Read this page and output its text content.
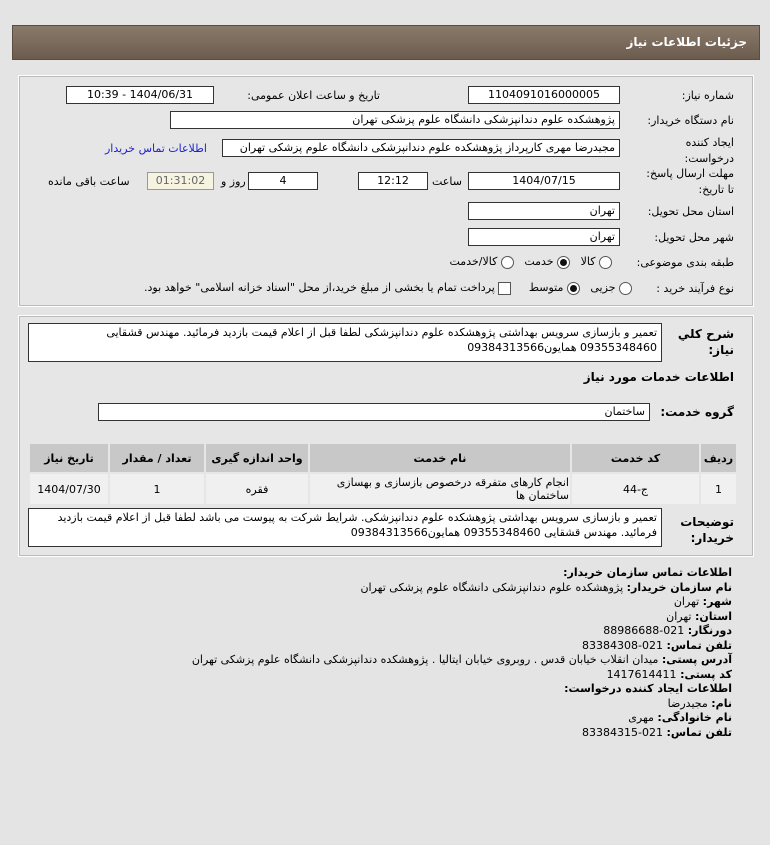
جزئیات اطلاعات نیاز
شماره نیاز:
1104091016000005
تاریخ و ساعت اعلان عمومی:
1404/06/31 - 10:39
نام دستگاه خریدار:
پژوهشکده علوم دندانپزشکی دانشگاه علوم پزشکی تهران
ایجاد کننده
درخواست:
مجیدرضا مهری کارپرداز پژوهشکده علوم دندانپزشکی دانشگاه علوم پزشکی تهران
اطلاعات تماس خریدار
مهلت ارسال پاسخ:
تا تاریخ:
1404/07/15
ساعت
12:12
4
روز و
01:31:02
ساعت باقی مانده
استان محل تحویل:
تهران
شهر محل تحویل:
تهران
طبقه بندی موضوعی:
کالا    خدمت    کالا/خدمت
نوع فرآیند خرید :
جزیی    متوسط      پرداخت تمام یا بخشی از مبلغ خرید،از محل "اسناد خزانه اسلامی" خواهد بود.
شرح کلي
نیاز:
تعمیر و بازسازی سرویس بهداشتی پژوهشکده علوم دندانپزشکی لطفا قبل از اعلام قیمت بازدید فرمائید. مهندس قشقایی 09355348460 همایون09384313566
اطلاعات خدمات مورد نیاز
گروه خدمت:
ساختمان
ردیف	کد خدمت	نام خدمت	واحد اندازه گیری	تعداد / مقدار	تاریخ نیاز
1	ج-44	انجام کارهای متفرقه درخصوص بازسازی و بهسازی ساختمان ها	فقره	1	1404/07/30
توضیحات
خریدار:
تعمیر و بازسازی سرویس بهداشتی پژوهشکده علوم دندانپزشکی. شرایط شرکت به پیوست می باشد لطفا قبل از اعلام قیمت بازدید فرمائید. مهندس قشقایی 09355348460 همایون09384313566
اطلاعات تماس سازمان خریدار:
نام سازمان خریدار: پژوهشکده علوم دندانپزشکی دانشگاه علوم پزشکی تهران
شهر: تهران
استان: تهران
دورنگار: 021-88986688
تلفن تماس: 021-83384308
آدرس پستی: میدان انقلاب خیابان قدس . روبروی خیابان ایتالیا . پژوهشکده دندانپزشکی دانشگاه علوم پزشکی تهران
کد پستی: 1417614411
اطلاعات ایجاد کننده درخواست:
نام: مجیدرضا
نام خانوادگی: مهری
تلفن تماس: 021-83384315
